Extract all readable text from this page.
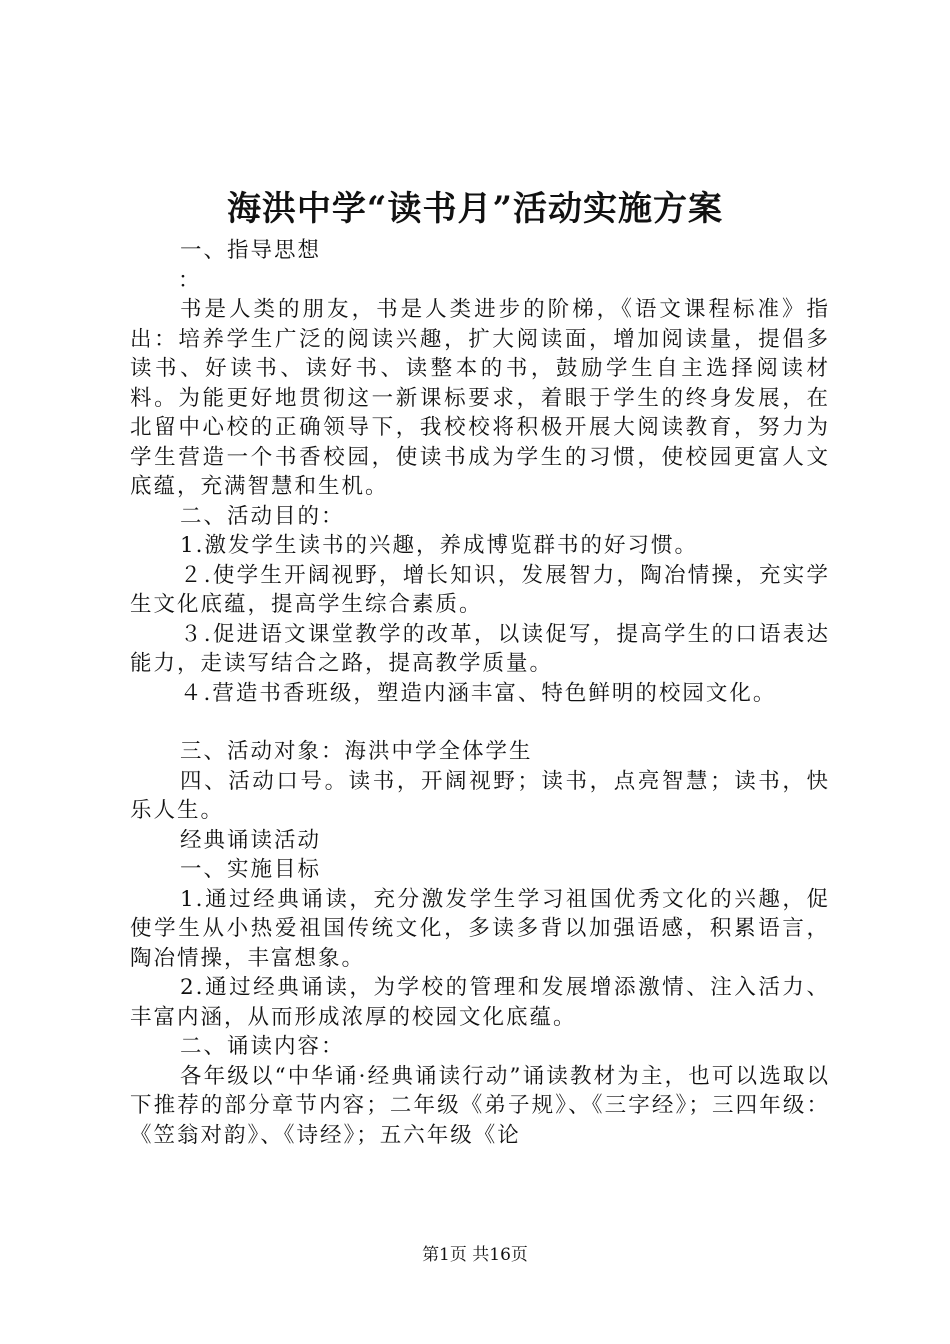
海洪中学“读书月”活动实施方案

一、指导思想

：

书是人类的朋友，书是人类进步的阶梯，《语文课程标准》指出：培养学生广泛的阅读兴趣，扩大阅读面，增加阅读量，提倡多读书、好读书、读好书、读整本的书，鼓励学生自主选择阅读材料。为能更好地贯彻这一新课标要求，着眼于学生的终身发展，在北留中心校的正确领导下，我校校将积极开展大阅读教育，努力为学生营造一个书香校园，使读书成为学生的习惯，使校园更富人文底蕴，充满智慧和生机。

二、活动目的：

1.激发学生读书的兴趣，养成博览群书的好习惯。

２.使学生开阔视野，增长知识，发展智力，陶冶情操，充实学生文化底蕴，提高学生综合素质。

３.促进语文课堂教学的改革，以读促写，提高学生的口语表达能力，走读写结合之路，提高教学质量。

４.营造书香班级，塑造内涵丰富、特色鲜明的校园文化。

三、活动对象：海洪中学全体学生

四、活动口号。读书，开阔视野；读书，点亮智慧；读书，快乐人生。

经典诵读活动

一、实施目标

1.通过经典诵读，充分激发学生学习祖国优秀文化的兴趣，促使学生从小热爱祖国传统文化，多读多背以加强语感，积累语言，陶冶情操，丰富想象。

2.通过经典诵读，为学校的管理和发展增添激情、注入活力、丰富内涵，从而形成浓厚的校园文化底蕴。

二、诵读内容：

各年级以“中华诵·经典诵读行动”诵读教材为主，也可以选取以下推荐的部分章节内容；二年级《弟子规》、《三字经》；三四年级：《笠翁对韵》、《诗经》；五六年级《论

第1页 共16页
